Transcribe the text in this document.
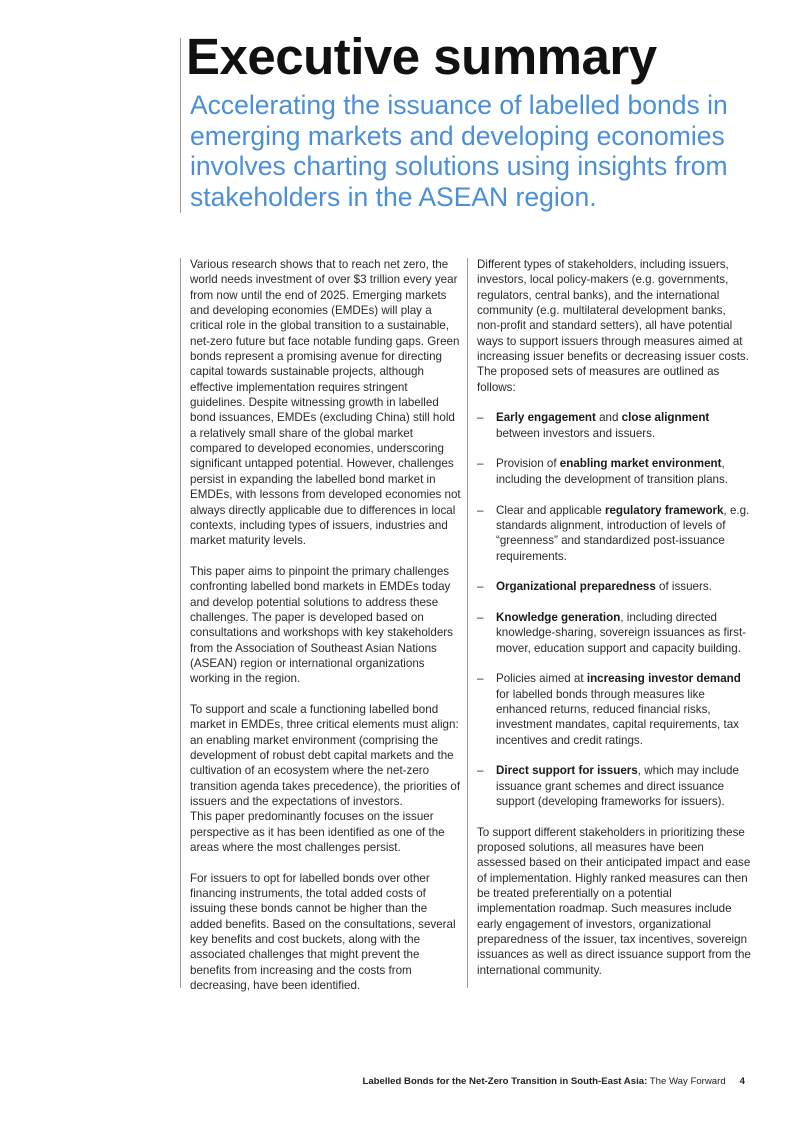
Executive summary

Accelerating the issuance of labelled bonds in emerging markets and developing economies involves charting solutions using insights from stakeholders in the ASEAN region.

Various research shows that to reach net zero, the world needs investment of over $3 trillion every year from now until the end of 2025. Emerging markets and developing economies (EMDEs) will play a critical role in the global transition to a sustainable, net-zero future but face notable funding gaps. Green bonds represent a promising avenue for directing capital towards sustainable projects, although effective implementation requires stringent guidelines. Despite witnessing growth in labelled bond issuances, EMDEs (excluding China) still hold a relatively small share of the global market compared to developed economies, underscoring significant untapped potential. However, challenges persist in expanding the labelled bond market in EMDEs, with lessons from developed economies not always directly applicable due to differences in local contexts, including types of issuers, industries and market maturity levels.

This paper aims to pinpoint the primary challenges confronting labelled bond markets in EMDEs today and develop potential solutions to address these challenges. The paper is developed based on consultations and workshops with key stakeholders from the Association of Southeast Asian Nations (ASEAN) region or international organizations working in the region.

To support and scale a functioning labelled bond market in EMDEs, three critical elements must align: an enabling market environment (comprising the development of robust debt capital markets and the cultivation of an ecosystem where the net-zero transition agenda takes precedence), the priorities of issuers and the expectations of investors.
This paper predominantly focuses on the issuer perspective as it has been identified as one of the areas where the most challenges persist.

For issuers to opt for labelled bonds over other financing instruments, the total added costs of issuing these bonds cannot be higher than the added benefits. Based on the consultations, several key benefits and cost buckets, along with the associated challenges that might prevent the benefits from increasing and the costs from decreasing, have been identified.

Different types of stakeholders, including issuers, investors, local policy-makers (e.g. governments, regulators, central banks), and the international community (e.g. multilateral development banks, non-profit and standard setters), all have potential ways to support issuers through measures aimed at increasing issuer benefits or decreasing issuer costs. The proposed sets of measures are outlined as follows:

– Early engagement and close alignment between investors and issuers.
– Provision of enabling market environment, including the development of transition plans.
– Clear and applicable regulatory framework, e.g. standards alignment, introduction of levels of “greenness” and standardized post-issuance requirements.
– Organizational preparedness of issuers.
– Knowledge generation, including directed knowledge-sharing, sovereign issuances as first-mover, education support and capacity building.
– Policies aimed at increasing investor demand for labelled bonds through measures like enhanced returns, reduced financial risks, investment mandates, capital requirements, tax incentives and credit ratings.
– Direct support for issuers, which may include issuance grant schemes and direct issuance support (developing frameworks for issuers).

To support different stakeholders in prioritizing these proposed solutions, all measures have been assessed based on their anticipated impact and ease of implementation. Highly ranked measures can then be treated preferentially on a potential implementation roadmap. Such measures include early engagement of investors, organizational preparedness of the issuer, tax incentives, sovereign issuances as well as direct issuance support from the international community.

Labelled Bonds for the Net-Zero Transition in South-East Asia: The Way Forward 4
